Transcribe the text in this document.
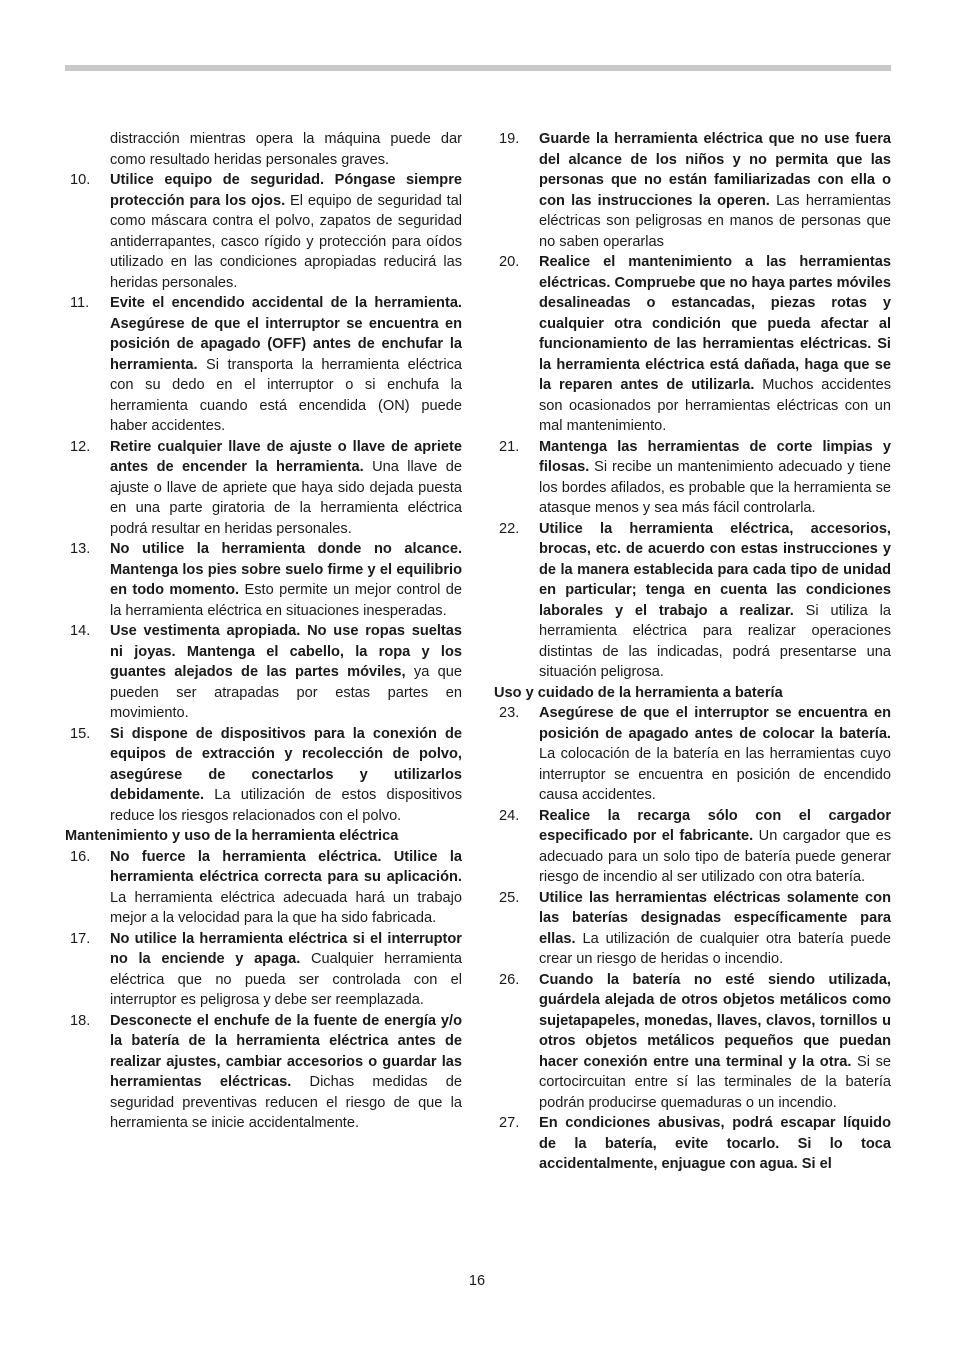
distracción mientras opera la máquina puede dar como resultado heridas personales graves.
10. Utilice equipo de seguridad. Póngase siempre protección para los ojos. El equipo de seguridad tal como máscara contra el polvo, zapatos de seguridad antiderrapantes, casco rígido y protección para oídos utilizado en las condiciones apropiadas reducirá las heridas personales.
11. Evite el encendido accidental de la herramienta. Asegúrese de que el interruptor se encuentra en posición de apagado (OFF) antes de enchufar la herramienta. Si transporta la herramienta eléctrica con su dedo en el interruptor o si enchufa la herramienta cuando está encendida (ON) puede haber accidentes.
12. Retire cualquier llave de ajuste o llave de apriete antes de encender la herramienta. Una llave de ajuste o llave de apriete que haya sido dejada puesta en una parte giratoria de la herramienta eléctrica podrá resultar en heridas personales.
13. No utilice la herramienta donde no alcance. Mantenga los pies sobre suelo firme y el equilibrio en todo momento. Esto permite un mejor control de la herramienta eléctrica en situaciones inesperadas.
14. Use vestimenta apropiada. No use ropas sueltas ni joyas. Mantenga el cabello, la ropa y los guantes alejados de las partes móviles, ya que pueden ser atrapadas por estas partes en movimiento.
15. Si dispone de dispositivos para la conexión de equipos de extracción y recolección de polvo, asegúrese de conectarlos y utilizarlos debidamente. La utilización de estos dispositivos reduce los riesgos relacionados con el polvo.
Mantenimiento y uso de la herramienta eléctrica
16. No fuerce la herramienta eléctrica. Utilice la herramienta eléctrica correcta para su aplicación. La herramienta eléctrica adecuada hará un trabajo mejor a la velocidad para la que ha sido fabricada.
17. No utilice la herramienta eléctrica si el interruptor no la enciende y apaga. Cualquier herramienta eléctrica que no pueda ser controlada con el interruptor es peligrosa y debe ser reemplazada.
18. Desconecte el enchufe de la fuente de energía y/o la batería de la herramienta eléctrica antes de realizar ajustes, cambiar accesorios o guardar las herramientas eléctricas. Dichas medidas de seguridad preventivas reducen el riesgo de que la herramienta se inicie accidentalmente.
19. Guarde la herramienta eléctrica que no use fuera del alcance de los niños y no permita que las personas que no están familiarizadas con ella o con las instrucciones la operen. Las herramientas eléctricas son peligrosas en manos de personas que no saben operarlas
20. Realice el mantenimiento a las herramientas eléctricas. Compruebe que no haya partes móviles desalineadas o estancadas, piezas rotas y cualquier otra condición que pueda afectar al funcionamiento de las herramientas eléctricas. Si la herramienta eléctrica está dañada, haga que se la reparen antes de utilizarla. Muchos accidentes son ocasionados por herramientas eléctricas con un mal mantenimiento.
21. Mantenga las herramientas de corte limpias y filosas. Si recibe un mantenimiento adecuado y tiene los bordes afilados, es probable que la herramienta se atasque menos y sea más fácil controlarla.
22. Utilice la herramienta eléctrica, accesorios, brocas, etc. de acuerdo con estas instrucciones y de la manera establecida para cada tipo de unidad en particular; tenga en cuenta las condiciones laborales y el trabajo a realizar. Si utiliza la herramienta eléctrica para realizar operaciones distintas de las indicadas, podrá presentarse una situación peligrosa.
Uso y cuidado de la herramienta a batería
23. Asegúrese de que el interruptor se encuentra en posición de apagado antes de colocar la batería. La colocación de la batería en las herramientas cuyo interruptor se encuentra en posición de encendido causa accidentes.
24. Realice la recarga sólo con el cargador especificado por el fabricante. Un cargador que es adecuado para un solo tipo de batería puede generar riesgo de incendio al ser utilizado con otra batería.
25. Utilice las herramientas eléctricas solamente con las baterías designadas específicamente para ellas. La utilización de cualquier otra batería puede crear un riesgo de heridas o incendio.
26. Cuando la batería no esté siendo utilizada, guárdela alejada de otros objetos metálicos como sujetapapeles, monedas, llaves, clavos, tornillos u otros objetos metálicos pequeños que puedan hacer conexión entre una terminal y la otra. Si se cortocircuitan entre sí las terminales de la batería podrán producirse quemaduras o un incendio.
27. En condiciones abusivas, podrá escapar líquido de la batería, evite tocarlo. Si lo toca accidentalmente, enjuague con agua. Si el
16
